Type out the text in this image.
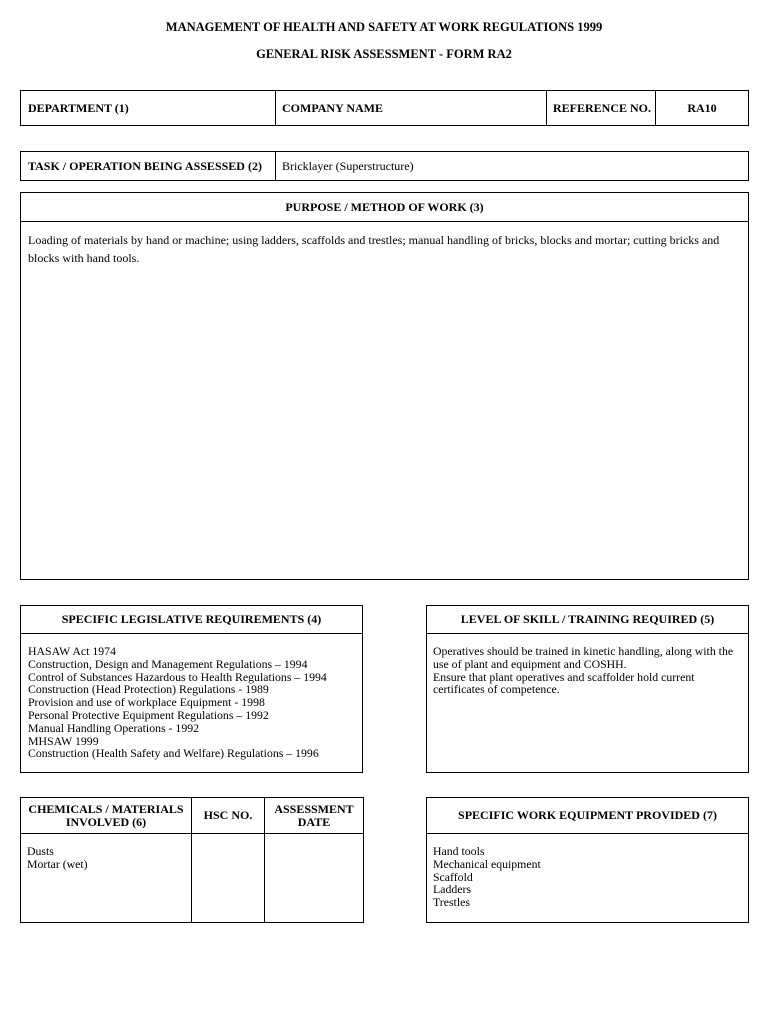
MANAGEMENT OF HEALTH AND SAFETY AT WORK REGULATIONS 1999
GENERAL RISK ASSESSMENT - FORM RA2
DEPARTMENT (1)	COMPANY NAME	REFERENCE NO.	RA10
TASK / OPERATION BEING ASSESSED (2) Bricklayer (Superstructure)
PURPOSE / METHOD OF WORK (3)
Loading of materials by hand or machine; using ladders, scaffolds and trestles; manual handling of bricks, blocks and mortar; cutting bricks and blocks with hand tools.
SPECIFIC LEGISLATIVE REQUIREMENTS (4)
HASAW Act 1974
Construction, Design and Management Regulations – 1994
Control of Substances Hazardous to Health Regulations – 1994
Construction (Head Protection) Regulations - 1989
Provision and use of workplace Equipment - 1998
Personal Protective Equipment Regulations – 1992
Manual Handling Operations - 1992
MHSAW 1999
Construction (Health Safety and Welfare) Regulations – 1996
LEVEL OF SKILL / TRAINING REQUIRED (5)
Operatives should be trained in kinetic handling, along with the
use of plant and equipment and COSHH.
Ensure that plant operatives and scaffolder hold current
certificates of competence.
CHEMICALS / MATERIALS
INVOLVED (6)	HSC NO.	ASSESSMENT
DATE
Dusts
Mortar (wet)
SPECIFIC WORK EQUIPMENT PROVIDED (7)
Hand tools
Mechanical equipment
Scaffold
Ladders
Trestles
